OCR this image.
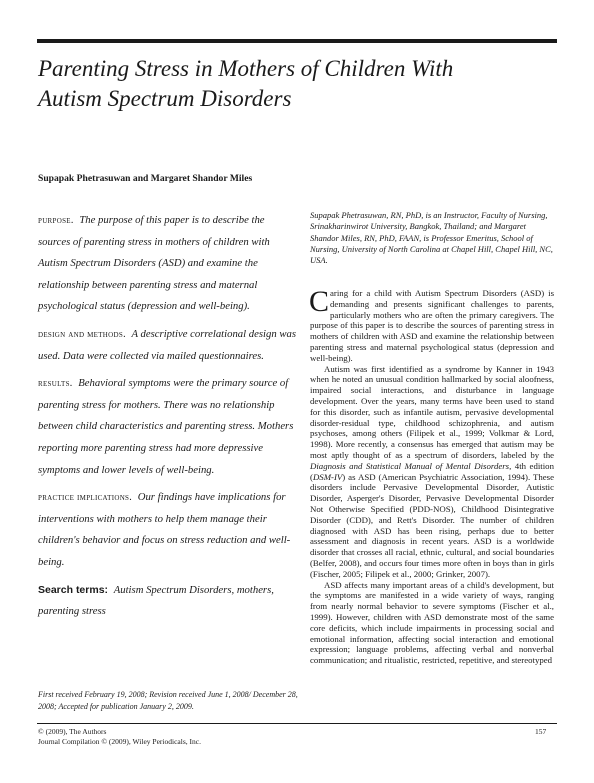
Parenting Stress in Mothers of Children With Autism Spectrum Disorders

Supapak Phetrasuwan and Margaret Shandor Miles

purpose. The purpose of this paper is to describe the sources of parenting stress in mothers of children with Autism Spectrum Disorders (ASD) and examine the relationship between parenting stress and maternal psychological status (depression and well-being).

design and methods. A descriptive correlational design was used. Data were collected via mailed questionnaires.

results. Behavioral symptoms were the primary source of parenting stress for mothers. There was no relationship between child characteristics and parenting stress. Mothers reporting more parenting stress had more depressive symptoms and lower levels of well-being.

practice implications. Our findings have implications for interventions with mothers to help them manage their children's behavior and focus on stress reduction and well-being.

Search terms: Autism Spectrum Disorders, mothers, parenting stress

First received February 19, 2008; Revision received June 1, 2008/ December 28, 2008; Accepted for publication January 2, 2009.

Supapak Phetrasuwan, RN, PhD, is an Instructor, Faculty of Nursing, Srinakharinwirot University, Bangkok, Thailand; and Margaret Shandor Miles, RN, PhD, FAAN, is Professor Emeritus, School of Nursing, University of North Carolina at Chapel Hill, Chapel Hill, NC, USA.

Caring for a child with Autism Spectrum Disorders (ASD) is demanding and presents significant challenges to parents, particularly mothers who are often the primary caregivers. The purpose of this paper is to describe the sources of parenting stress in mothers of children with ASD and examine the relationship between parenting stress and maternal psychological status (depression and well-being).

Autism was first identified as a syndrome by Kanner in 1943 when he noted an unusual condition hallmarked by social aloofness, impaired social interactions, and disturbance in language development. Over the years, many terms have been used to stand for this disorder, such as infantile autism, pervasive developmental disorder-residual type, childhood schizophrenia, and autism psychoses, among others (Filipek et al., 1999; Volkmar & Lord, 1998). More recently, a consensus has emerged that autism may be most aptly thought of as a spectrum of disorders, labeled by the Diagnosis and Statistical Manual of Mental Disorders, 4th edition (DSM-IV) as ASD (American Psychiatric Association, 1994). These disorders include Pervasive Developmental Disorder, Autistic Disorder, Asperger's Disorder, Pervasive Developmental Disorder Not Otherwise Specified (PDD-NOS), Childhood Disintegrative Disorder (CDD), and Rett's Disorder. The number of children diagnosed with ASD has been rising, perhaps due to better assessment and diagnosis in recent years. ASD is a worldwide disorder that crosses all racial, ethnic, cultural, and social boundaries (Belfer, 2008), and occurs four times more often in boys than in girls (Fischer, 2005; Filipek et al., 2000; Grinker, 2007).

ASD affects many important areas of a child's development, but the symptoms are manifested in a wide variety of ways, ranging from nearly normal behavior to severe symptoms (Fischer et al., 1999). However, children with ASD demonstrate most of the same core deficits, which include impairments in processing social and emotional information, affecting social interaction and emotional expression; language problems, affecting verbal and nonverbal communication; and ritualistic, restricted, repetitive, and stereotyped

© (2009), The Authors
Journal Compilation © (2009), Wiley Periodicals, Inc.
157
